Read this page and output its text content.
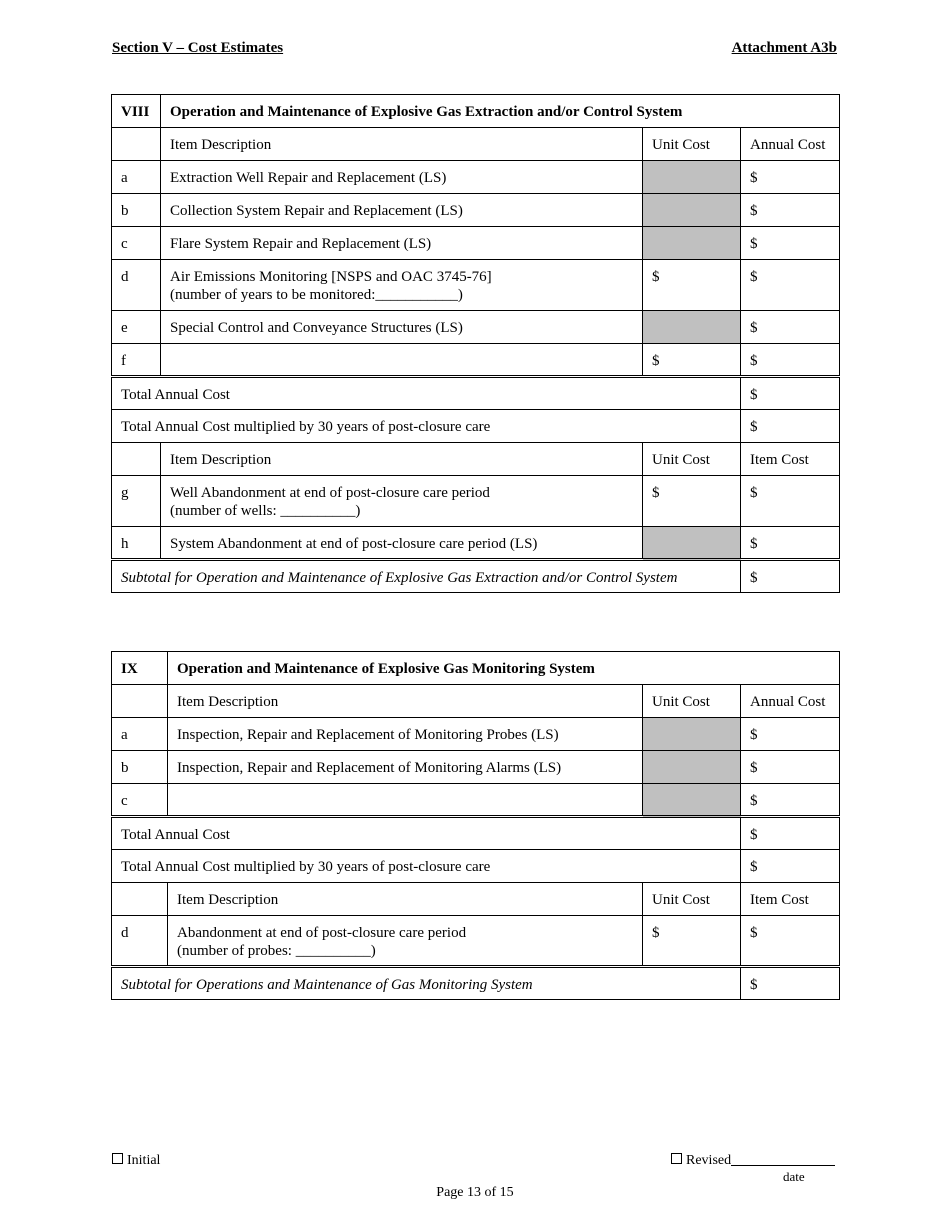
Section V – Cost Estimates	Attachment A3b
VIII	Operation and Maintenance of Explosive Gas Extraction and/or Control System		
	Item Description	Unit Cost	Annual Cost
a	Extraction Well Repair and Replacement (LS)		$
b	Collection System Repair and Replacement (LS)		$
c	Flare System Repair and Replacement (LS)		$
d	Air Emissions Monitoring [NSPS and OAC 3745-76]
(number of years to be monitored:___________)	$	$
e	Special Control and Conveyance Structures (LS)		$
f		$	$
Total Annual Cost			$
Total Annual Cost multiplied by 30 years of post-closure care			$
	Item Description	Unit Cost	Item Cost
g	Well Abandonment at end of post-closure care period
(number of wells: __________)	$	$
h	System Abandonment at end of post-closure care period (LS)		$
Subtotal for Operation and Maintenance of Explosive Gas Extraction and/or Control System			$
IX	Operation and Maintenance of Explosive Gas Monitoring System		
	Item Description	Unit Cost	Annual Cost
a	Inspection, Repair and Replacement of Monitoring Probes (LS)		$
b	Inspection, Repair and Replacement of Monitoring Alarms (LS)		$
c			$
Total Annual Cost			$
Total Annual Cost multiplied by 30 years of post-closure care			$
	Item Description	Unit Cost	Item Cost
d	Abandonment at end of post-closure care period
(number of probes: __________)	$	$
Subtotal for Operations and Maintenance of Gas Monitoring System			$
Initial	Revised
date
Page 13 of 15
